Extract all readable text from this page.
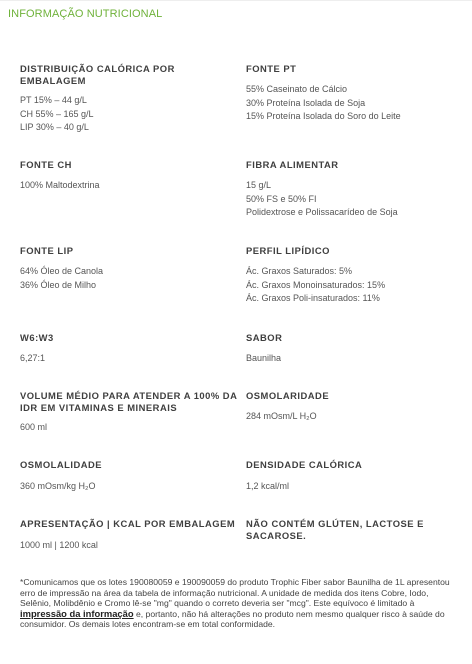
INFORMAÇÃO NUTRICIONAL
DISTRIBUIÇÃO CALÓRICA POR EMBALAGEM
PT 15% – 44 g/L
CH 55% – 165 g/L
LIP 30% – 40 g/L
FONTE PT
55% Caseinato de Cálcio
30% Proteína Isolada de Soja
15% Proteína Isolada do Soro do Leite
FONTE CH
100% Maltodextrina
FIBRA ALIMENTAR
15 g/L
50% FS e 50% FI
Polidextrose e Polissacarídeo de Soja
FONTE LIP
64% Óleo de Canola
36% Óleo de Milho
PERFIL LIPÍDICO
Ác. Graxos Saturados: 5%
Ác. Graxos Monoinsaturados: 15%
Ác. Graxos Poli-insaturados: 11%
W6:W3
6,27:1
SABOR
Baunilha
VOLUME MÉDIO PARA ATENDER A 100% DA IDR EM VITAMINAS E MINERAIS
600 ml
OSMOLARIDADE
284 mOsm/L H₂O
OSMOLALIDADE
360 mOsm/kg H₂O
DENSIDADE CALÓRICA
1,2 kcal/ml
APRESENTAÇÃO | KCAL POR EMBALAGEM
1000 ml | 1200 kcal
NÃO CONTÉM GLÚTEN, LACTOSE E SACAROSE.
*Comunicamos que os lotes 190080059 e 190090059 do produto Trophic Fiber sabor Baunilha de 1L apresentou erro de impressão na área da tabela de informação nutricional. A unidade de medida dos itens Cobre, Iodo, Selênio, Molibdênio e Cromo lê-se "mg" quando o correto deveria ser "mcg". Este equívoco é limitado à impressão da informação e, portanto, não há alterações no produto nem mesmo qualquer risco à saúde do consumidor. Os demais lotes encontram-se em total conformidade.
